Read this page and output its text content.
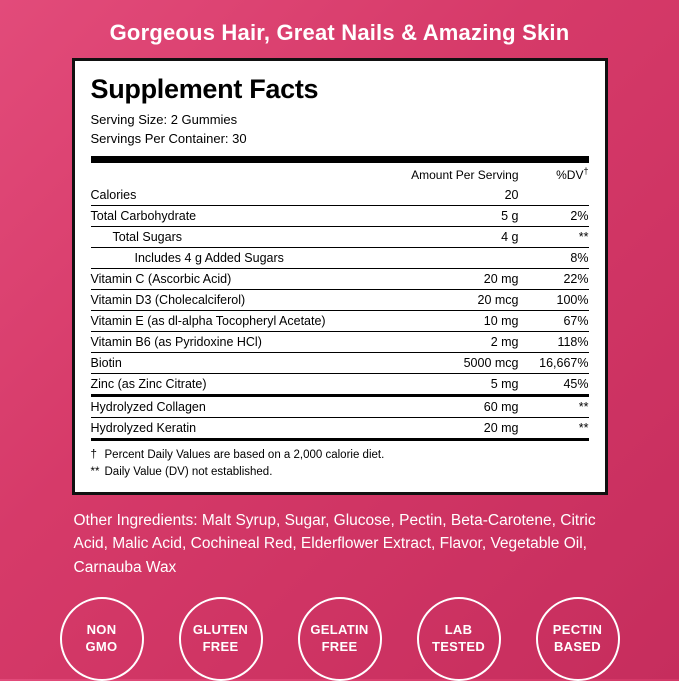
Gorgeous Hair, Great Nails & Amazing Skin
Supplement Facts
Serving Size: 2 Gummies
Servings Per Container: 30
	Amount Per Serving	%DV†
Calories	20	
Total Carbohydrate	5 g	2%
Total Sugars	4 g	**
Includes 4 g Added Sugars		8%
Vitamin C (Ascorbic Acid)	20 mg	22%
Vitamin D3 (Cholecalciferol)	20 mcg	100%
Vitamin E (as dl-alpha Tocopheryl Acetate)	10 mg	67%
Vitamin B6 (as Pyridoxine HCl)	2 mg	118%
Biotin	5000 mcg	16,667%
Zinc (as Zinc Citrate)	5 mg	45%
Hydrolyzed Collagen	60 mg	**
Hydrolyzed Keratin	20 mg	**
† Percent Daily Values are based on a 2,000 calorie diet.
** Daily Value (DV) not established.
Other Ingredients: Malt Syrup, Sugar, Glucose, Pectin, Beta-Carotene, Citric Acid, Malic Acid, Cochineal Red, Elderflower Extract, Flavor, Vegetable Oil, Carnauba Wax
NON
GMO
GLUTEN
FREE
GELATIN
FREE
LAB
TESTED
PECTIN
BASED
